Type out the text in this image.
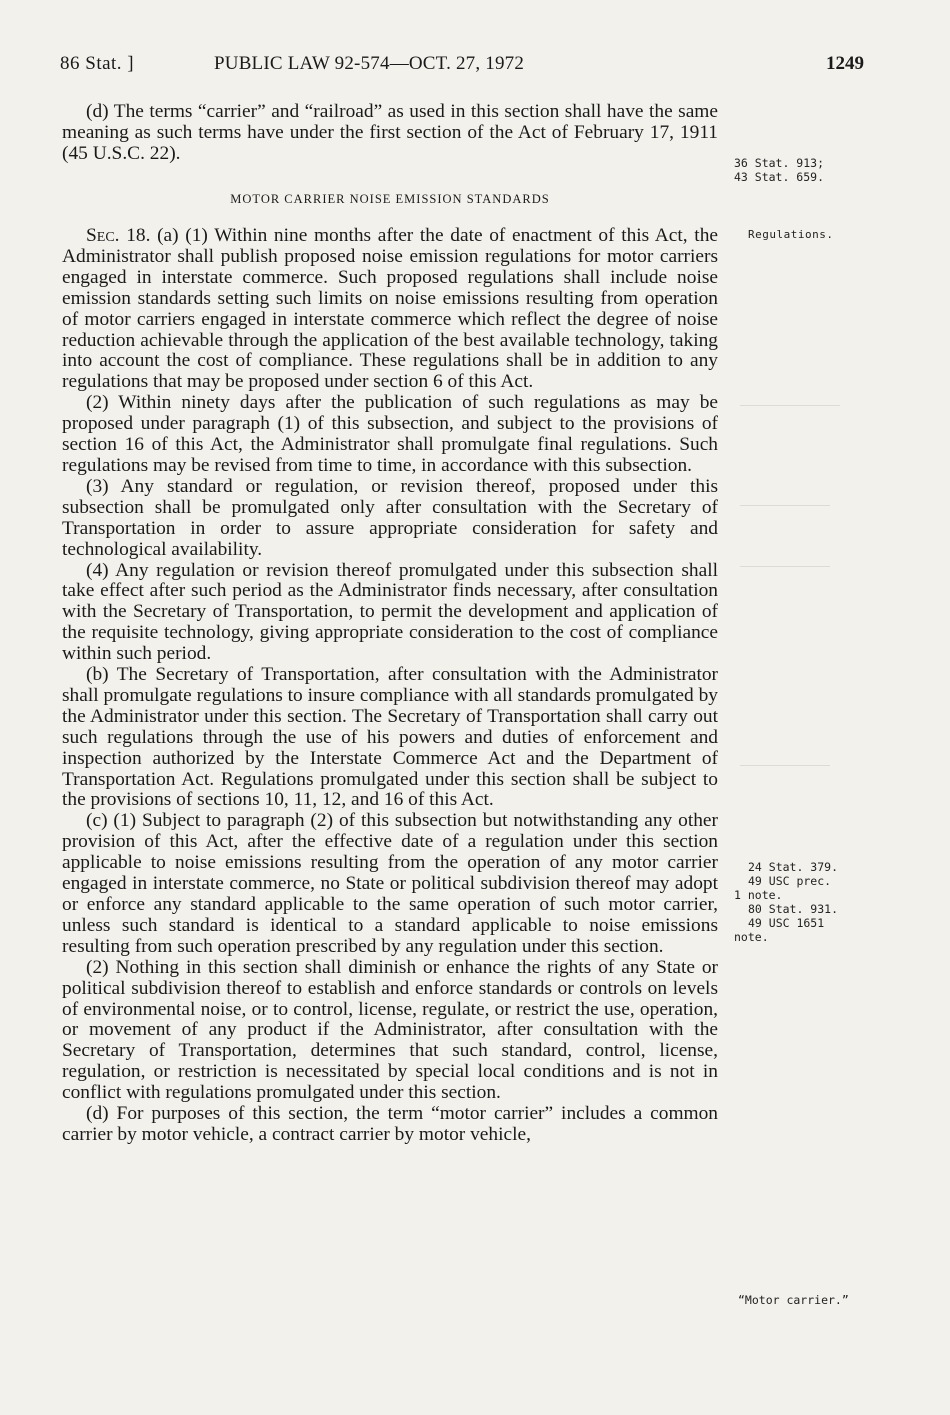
86 Stat. ]	PUBLIC LAW 92-574—OCT. 27, 1972	1249

(d) The terms “carrier” and “railroad” as used in this section shall have the same meaning as such terms have under the first section of the Act of February 17, 1911 (45 U.S.C. 22).

MOTOR CARRIER NOISE EMISSION STANDARDS

Sec. 18. (a) (1) Within nine months after the date of enactment of this Act, the Administrator shall publish proposed noise emission regulations for motor carriers engaged in interstate commerce. Such proposed regulations shall include noise emission standards setting such limits on noise emissions resulting from operation of motor carriers engaged in interstate commerce which reflect the degree of noise reduction achievable through the application of the best available technology, taking into account the cost of compliance. These regulations shall be in addition to any regulations that may be proposed under section 6 of this Act.

(2) Within ninety days after the publication of such regulations as may be proposed under paragraph (1) of this subsection, and subject to the provisions of section 16 of this Act, the Administrator shall promulgate final regulations. Such regulations may be revised from time to time, in accordance with this subsection.

(3) Any standard or regulation, or revision thereof, proposed under this subsection shall be promulgated only after consultation with the Secretary of Transportation in order to assure appropriate consideration for safety and technological availability.

(4) Any regulation or revision thereof promulgated under this subsection shall take effect after such period as the Administrator finds necessary, after consultation with the Secretary of Transportation, to permit the development and application of the requisite technology, giving appropriate consideration to the cost of compliance within such period.

(b) The Secretary of Transportation, after consultation with the Administrator shall promulgate regulations to insure compliance with all standards promulgated by the Administrator under this section. The Secretary of Transportation shall carry out such regulations through the use of his powers and duties of enforcement and inspection authorized by the Interstate Commerce Act and the Department of Transportation Act. Regulations promulgated under this section shall be subject to the provisions of sections 10, 11, 12, and 16 of this Act.

(c) (1) Subject to paragraph (2) of this subsection but notwithstanding any other provision of this Act, after the effective date of a regulation under this section applicable to noise emissions resulting from the operation of any motor carrier engaged in interstate commerce, no State or political subdivision thereof may adopt or enforce any standard applicable to the same operation of such motor carrier, unless such standard is identical to a standard applicable to noise emissions resulting from such operation prescribed by any regulation under this section.

(2) Nothing in this section shall diminish or enhance the rights of any State or political subdivision thereof to establish and enforce standards or controls on levels of environmental noise, or to control, license, regulate, or restrict the use, operation, or movement of any product if the Administrator, after consultation with the Secretary of Transportation, determines that such standard, control, license, regulation, or restriction is necessitated by special local conditions and is not in conflict with regulations promulgated under this section.

(d) For purposes of this section, the term “motor carrier” includes a common carrier by motor vehicle, a contract carrier by motor vehicle,

36 Stat. 913;
43 Stat. 659.
Regulations.
24 Stat. 379.
49 USC prec.
1 note.
80 Stat. 931.
49 USC 1651
note.
“Motor carrier.”
